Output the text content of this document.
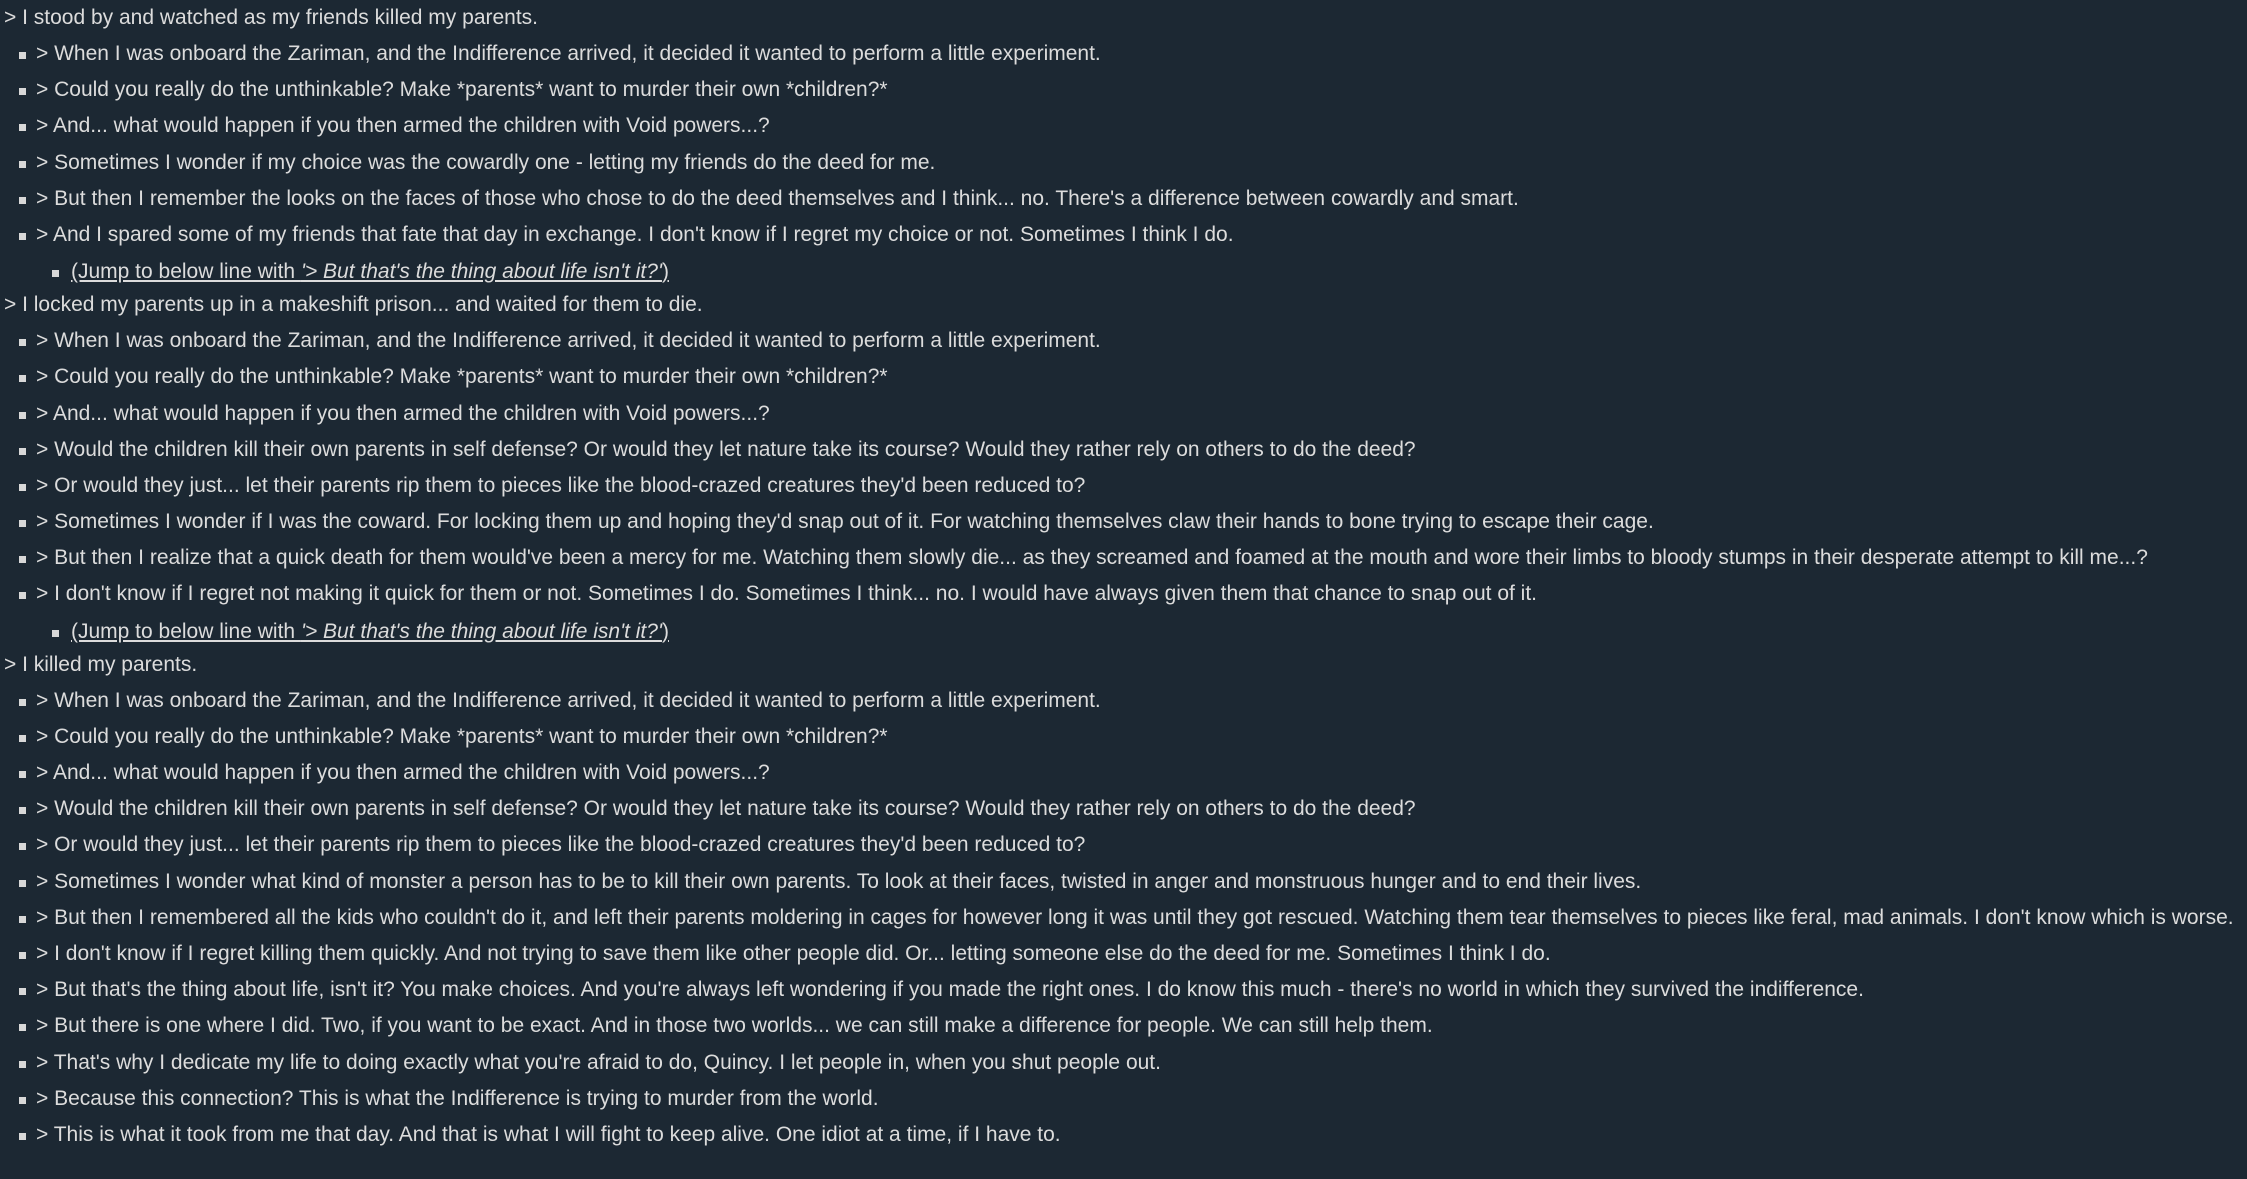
> I stood by and watched as my friends killed my parents.

> When I was onboard the Zariman, and the Indifference arrived, it decided it wanted to perform a little experiment.
> Could you really do the unthinkable? Make *parents* want to murder their own *children?*
> And... what would happen if you then armed the children with Void powers...?
> Sometimes I wonder if my choice was the cowardly one - letting my friends do the deed for me.
> But then I remember the looks on the faces of those who chose to do the deed themselves and I think... no. There's a difference between cowardly and smart.
> And I spared some of my friends that fate that day in exchange. I don't know if I regret my choice or not. Sometimes I think I do.
(Jump to below line with '> But that's the thing about life isn't it?')

> I locked my parents up in a makeshift prison... and waited for them to die.

> When I was onboard the Zariman, and the Indifference arrived, it decided it wanted to perform a little experiment.
> Could you really do the unthinkable? Make *parents* want to murder their own *children?*
> And... what would happen if you then armed the children with Void powers...?
> Would the children kill their own parents in self defense? Or would they let nature take its course? Would they rather rely on others to do the deed?
> Or would they just... let their parents rip them to pieces like the blood-crazed creatures they'd been reduced to?
> Sometimes I wonder if I was the coward. For locking them up and hoping they'd snap out of it. For watching themselves claw their hands to bone trying to escape their cage.
> But then I realize that a quick death for them would've been a mercy for me. Watching them slowly die... as they screamed and foamed at the mouth and wore their limbs to bloody stumps in their desperate attempt to kill me...?
> I don't know if I regret not making it quick for them or not. Sometimes I do. Sometimes I think... no. I would have always given them that chance to snap out of it.
(Jump to below line with '> But that's the thing about life isn't it?')

> I killed my parents.

> When I was onboard the Zariman, and the Indifference arrived, it decided it wanted to perform a little experiment.
> Could you really do the unthinkable? Make *parents* want to murder their own *children?*
> And... what would happen if you then armed the children with Void powers...?
> Would the children kill their own parents in self defense? Or would they let nature take its course? Would they rather rely on others to do the deed?
> Or would they just... let their parents rip them to pieces like the blood-crazed creatures they'd been reduced to?
> Sometimes I wonder what kind of monster a person has to be to kill their own parents. To look at their faces, twisted in anger and monstruous hunger and to end their lives.
> But then I remembered all the kids who couldn't do it, and left their parents moldering in cages for however long it was until they got rescued. Watching them tear themselves to pieces like feral, mad animals. I don't know which is worse.
> I don't know if I regret killing them quickly. And not trying to save them like other people did. Or... letting someone else do the deed for me. Sometimes I think I do.
> But that's the thing about life, isn't it? You make choices. And you're always left wondering if you made the right ones. I do know this much - there's no world in which they survived the indifference.
> But there is one where I did. Two, if you want to be exact. And in those two worlds... we can still make a difference for people. We can still help them.
> That's why I dedicate my life to doing exactly what you're afraid to do, Quincy. I let people in, when you shut people out.
> Because this connection? This is what the Indifference is trying to murder from the world.
> This is what it took from me that day. And that is what I will fight to keep alive. One idiot at a time, if I have to.
